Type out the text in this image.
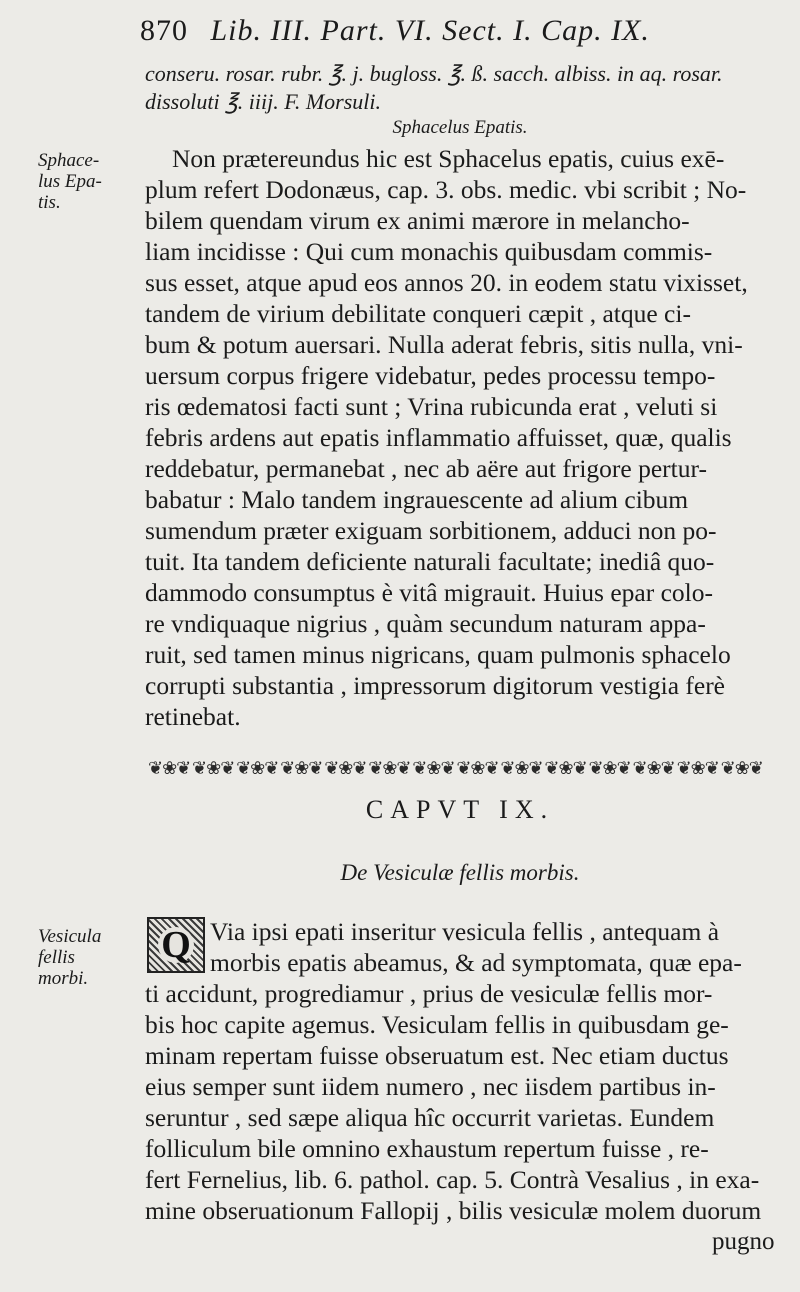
870 Lib. III. Part. VI. Sect. I. Cap. IX.
conseru. rosar. rubr. ℥. j. bugloss. ℥. ß. sacch. albiss. in aq. rosar.
dissoluti ℥. iiij. F. Morsuli.
Sphacelus Epatis.
Sphace-
lus Epa-
tis.
Non prætereundus hic est Sphacelus epatis, cuius exē-
plum refert Dodonæus, cap. 3. obs. medic. vbi scribit ; No-
bilem quendam virum ex animi mærore in melancho-
liam incidisse : Qui cum monachis quibusdam commis-
sus esset, atque apud eos annos 20. in eodem statu vixisset,
tandem de virium debilitate conqueri cæpit , atque ci-
bum & potum auersari. Nulla aderat febris, sitis nulla, vni-
uersum corpus frigere videbatur, pedes processu tempo-
ris œdematosi facti sunt ; Vrina rubicunda erat , veluti si
febris ardens aut epatis inflammatio affuisset, quæ, qualis
reddebatur, permanebat , nec ab aëre aut frigore pertur-
babatur : Malo tandem ingrauescente ad alium cibum
sumendum præter exiguam sorbitionem, adduci non po-
tuit. Ita tandem deficiente naturali facultate; inediâ quo-
dammodo consumptus è vitâ migrauit. Huius epar colo-
re vndiquaque nigrius , quàm secundum naturam appa-
ruit, sed tamen minus nigricans, quam pulmonis sphacelo
corrupti substantia , impressorum digitorum vestigia ferè
retinebat.
❦❀❦ ❦❀❦ ❦❀❦ ❦❀❦ ❦❀❦ ❦❀❦ ❦❀❦ ❦❀❦ ❦❀❦ ❦❀❦ ❦❀❦ ❦❀❦ ❦❀❦ ❦❀❦
CAPVT IX.
De Vesiculæ fellis morbis.
Vesicula
fellis
morbi.
Q Via ipsi epati inseritur vesicula fellis , antequam à
morbis epatis abeamus, & ad symptomata, quæ epa-
ti accidunt, progrediamur , prius de vesiculæ fellis mor-
bis hoc capite agemus. Vesiculam fellis in quibusdam ge-
minam repertam fuisse obseruatum est. Nec etiam ductus
eius semper sunt iidem numero , nec iisdem partibus in-
seruntur , sed sæpe aliqua hîc occurrit varietas. Eundem
folliculum bile omnino exhaustum repertum fuisse , re-
fert Fernelius, lib. 6. pathol. cap. 5. Contrà Vesalius , in exa-
mine obseruationum Fallopij , bilis vesiculæ molem duorum
pugno
